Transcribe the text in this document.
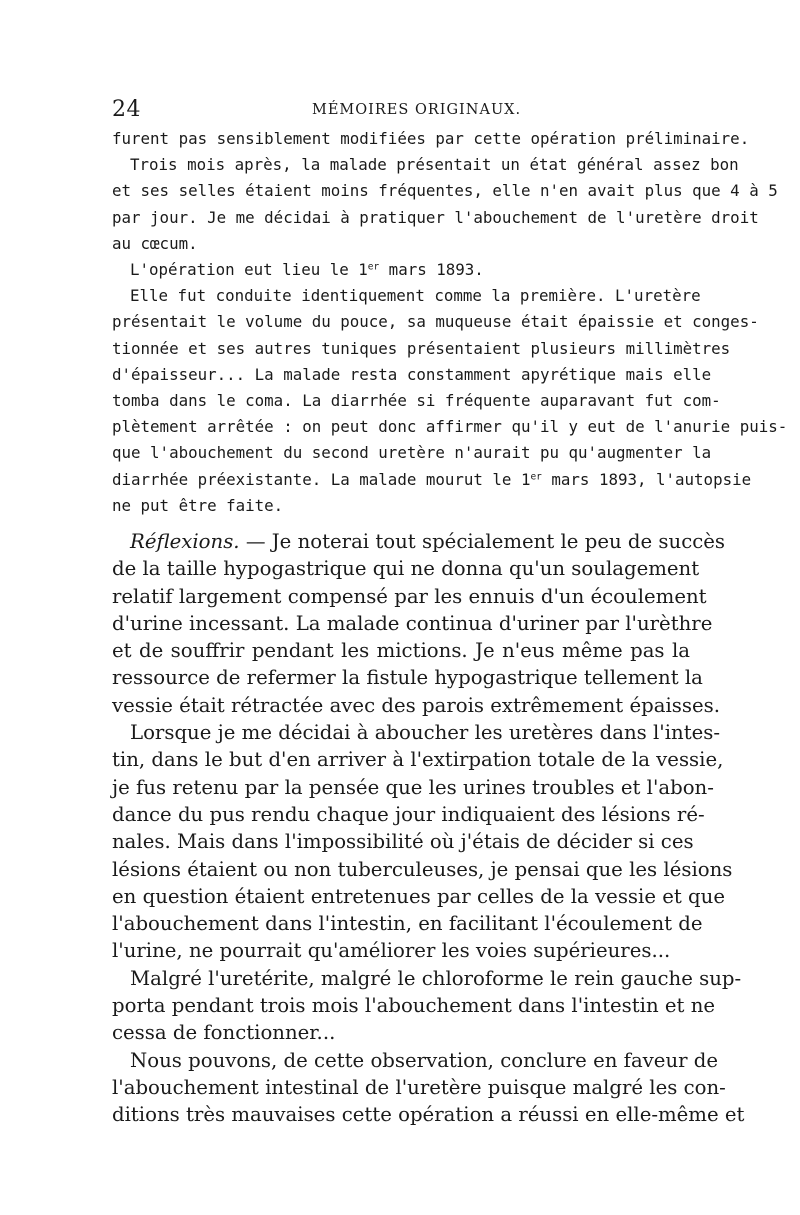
24	MÉMOIRES ORIGINAUX.
furent pas sensiblement modifiées par cette opération préliminaire.
Trois mois après, la malade présentait un état général assez bon
et ses selles étaient moins fréquentes, elle n'en avait plus que 4 à 5
par jour. Je me décidai à pratiquer l'abouchement de l'uretère droit
au cœcum.
L'opération eut lieu le 1er mars 1893.
Elle fut conduite identiquement comme la première. L'uretère
présentait le volume du pouce, sa muqueuse était épaissie et conges-
tionnée et ses autres tuniques présentaient plusieurs millimètres
d'épaisseur... La malade resta constamment apyrétique mais elle
tomba dans le coma. La diarrhée si fréquente auparavant fut com-
plètement arrêtée : on peut donc affirmer qu'il y eut de l'anurie puis-
que l'abouchement du second uretère n'aurait pu qu'augmenter la
diarrhée préexistante. La malade mourut le 1er mars 1893, l'autopsie
ne put être faite.
Réflexions. — Je noterai tout spécialement le peu de succès
de la taille hypogastrique qui ne donna qu'un soulagement
relatif largement compensé par les ennuis d'un écoulement
d'urine incessant. La malade continua d'uriner par l'urèthre
et de souffrir pendant les mictions. Je n'eus même pas la
ressource de refermer la fistule hypogastrique tellement la
vessie était rétractée avec des parois extrêmement épaisses.
Lorsque je me décidai à aboucher les uretères dans l'intes-
tin, dans le but d'en arriver à l'extirpation totale de la vessie,
je fus retenu par la pensée que les urines troubles et l'abon-
dance du pus rendu chaque jour indiquaient des lésions ré-
nales. Mais dans l'impossibilité où j'étais de décider si ces
lésions étaient ou non tuberculeuses, je pensai que les lésions
en question étaient entretenues par celles de la vessie et que
l'abouchement dans l'intestin, en facilitant l'écoulement de
l'urine, ne pourrait qu'améliorer les voies supérieures...
Malgré l'uretérite, malgré le chloroforme le rein gauche sup-
porta pendant trois mois l'abouchement dans l'intestin et ne
cessa de fonctionner...
Nous pouvons, de cette observation, conclure en faveur de
l'abouchement intestinal de l'uretère puisque malgré les con-
ditions très mauvaises cette opération a réussi en elle-même et
